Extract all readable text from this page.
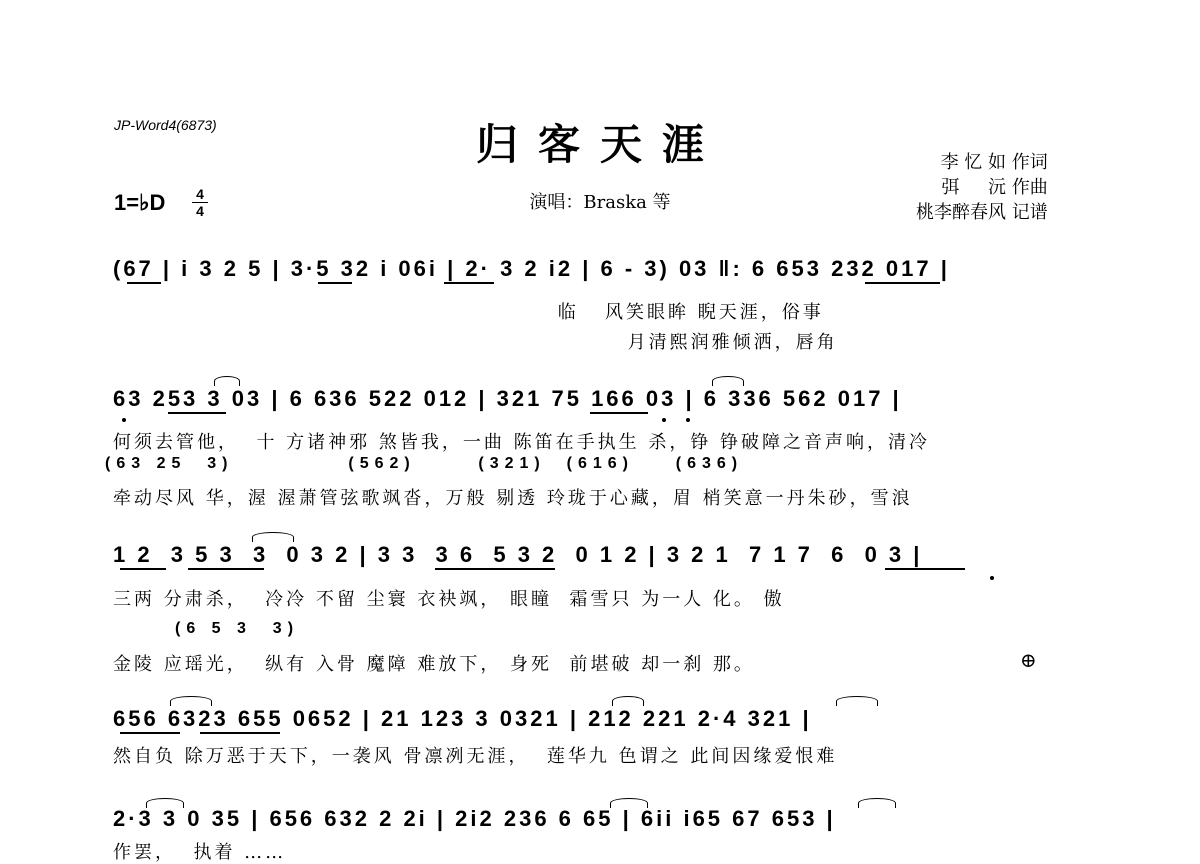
JP-Word4(6873)	归客天涯
演唱：Braska 等
李 忆 如 作词
弭     沅 作曲
桃李醉春风 记谱
1=♭D 4
4
(67 | i 3 2 5 | 3·5 32 i 06i | 2· 3 2 i2 | 6 - 3) 03 ‖: 6 653 232 017 |
临   风笑眼眸 睨天涯，俗事
月清熙润雅倾洒，唇角
63 253 3 03 | 6 636 522 012 | 321 75 166 03 | 6 336 562 017 |
何须去管他，  十 方诸神邪 煞皆我，一曲 陈笛在手执生 杀，铮 铮破障之音声响，清冷
(63 25  3)           (562)      (321)  (616)    (636)
牵动尽风 华，渥 渥萧管弦歌飒沓，万般 剔透 玲珑于心藏，眉 梢笑意一丹朱砂，雪浪
1 2  3 5 3  3  0 3 2 | 3 3  3 6  5 3 2  0 1 2 | 3 2 1  7 1 7  6  0 3 |
三两 分肃杀，  冷冷 不留 尘寰 衣袂飒， 眼瞳  霜雪只 为一人 化。 傲
(6 5 3  3)
金陵 应瑶光，  纵有 入骨 魔障 难放下， 身死  前堪破 却一刹 那。	⊕
656 6323 655 0652 | 21 123 3 0321 | 212 221 2·4 321 |
然自负 除万恶于天下，一袭风 骨凛冽无涯，  莲华九 色谓之 此间因缘爱恨难
2·3 3 0 35 | 656 632 2 2i | 2i2 236 6 65 | 6ii i65 67 653 |
作罢，  执着 ……
